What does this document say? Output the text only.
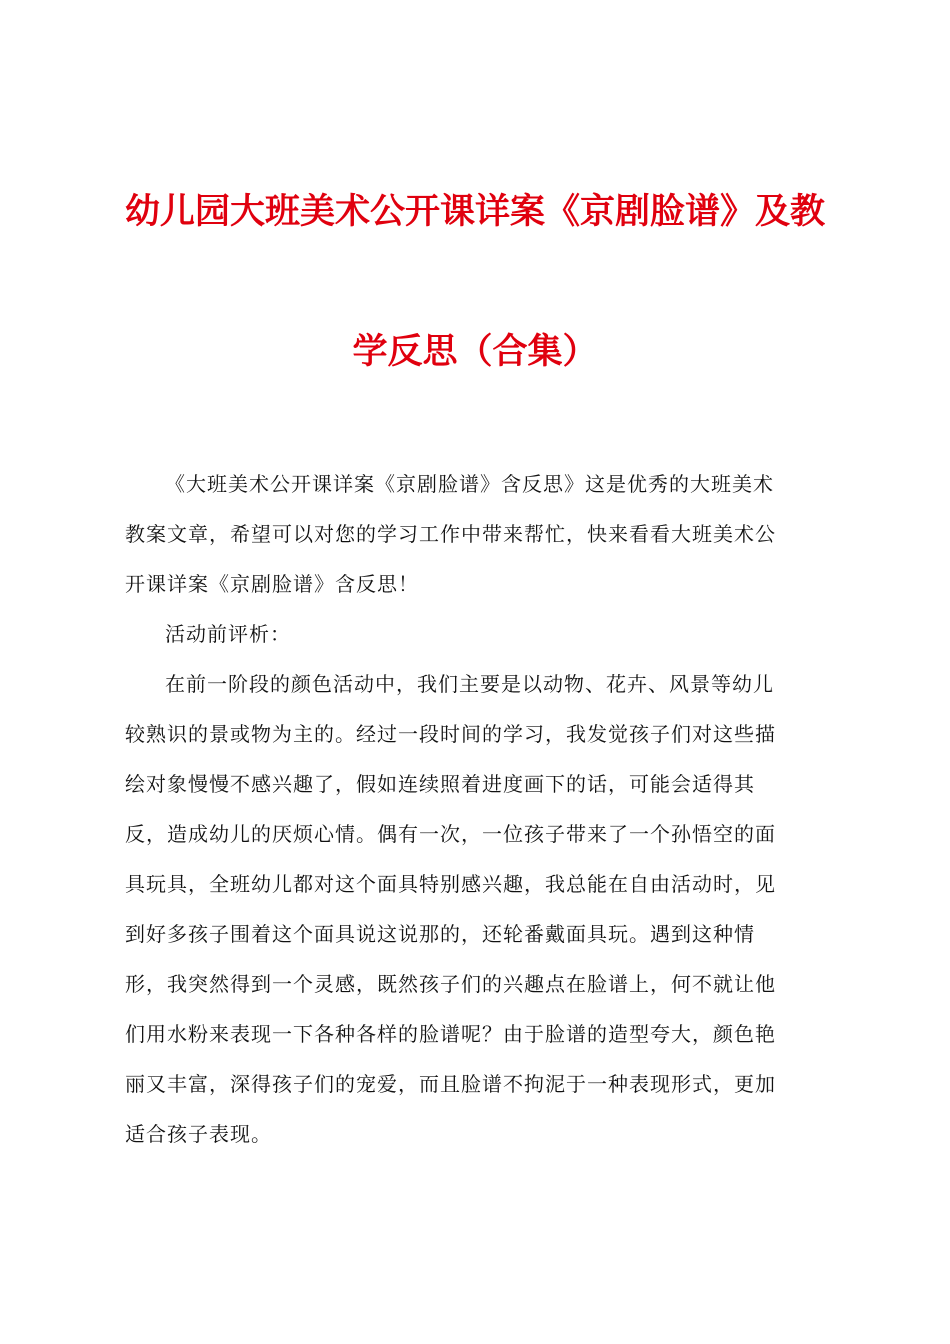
幼儿园大班美术公开课详案《京剧脸谱》及教
学反思（合集）
《大班美术公开课详案《京剧脸谱》含反思》这是优秀的大班美术
教案文章，希望可以对您的学习工作中带来帮忙，快来看看大班美术公
开课详案《京剧脸谱》含反思！
活动前评析：
在前一阶段的颜色活动中，我们主要是以动物、花卉、风景等幼儿
较熟识的景或物为主的。经过一段时间的学习，我发觉孩子们对这些描
绘对象慢慢不感兴趣了，假如连续照着进度画下的话，可能会适得其
反，造成幼儿的厌烦心情。偶有一次，一位孩子带来了一个孙悟空的面
具玩具，全班幼儿都对这个面具特别感兴趣，我总能在自由活动时，见
到好多孩子围着这个面具说这说那的，还轮番戴面具玩。遇到这种情
形，我突然得到一个灵感，既然孩子们的兴趣点在脸谱上，何不就让他
们用水粉来表现一下各种各样的脸谱呢？由于脸谱的造型夸大，颜色艳
丽又丰富，深得孩子们的宠爱，而且脸谱不拘泥于一种表现形式，更加
适合孩子表现。
